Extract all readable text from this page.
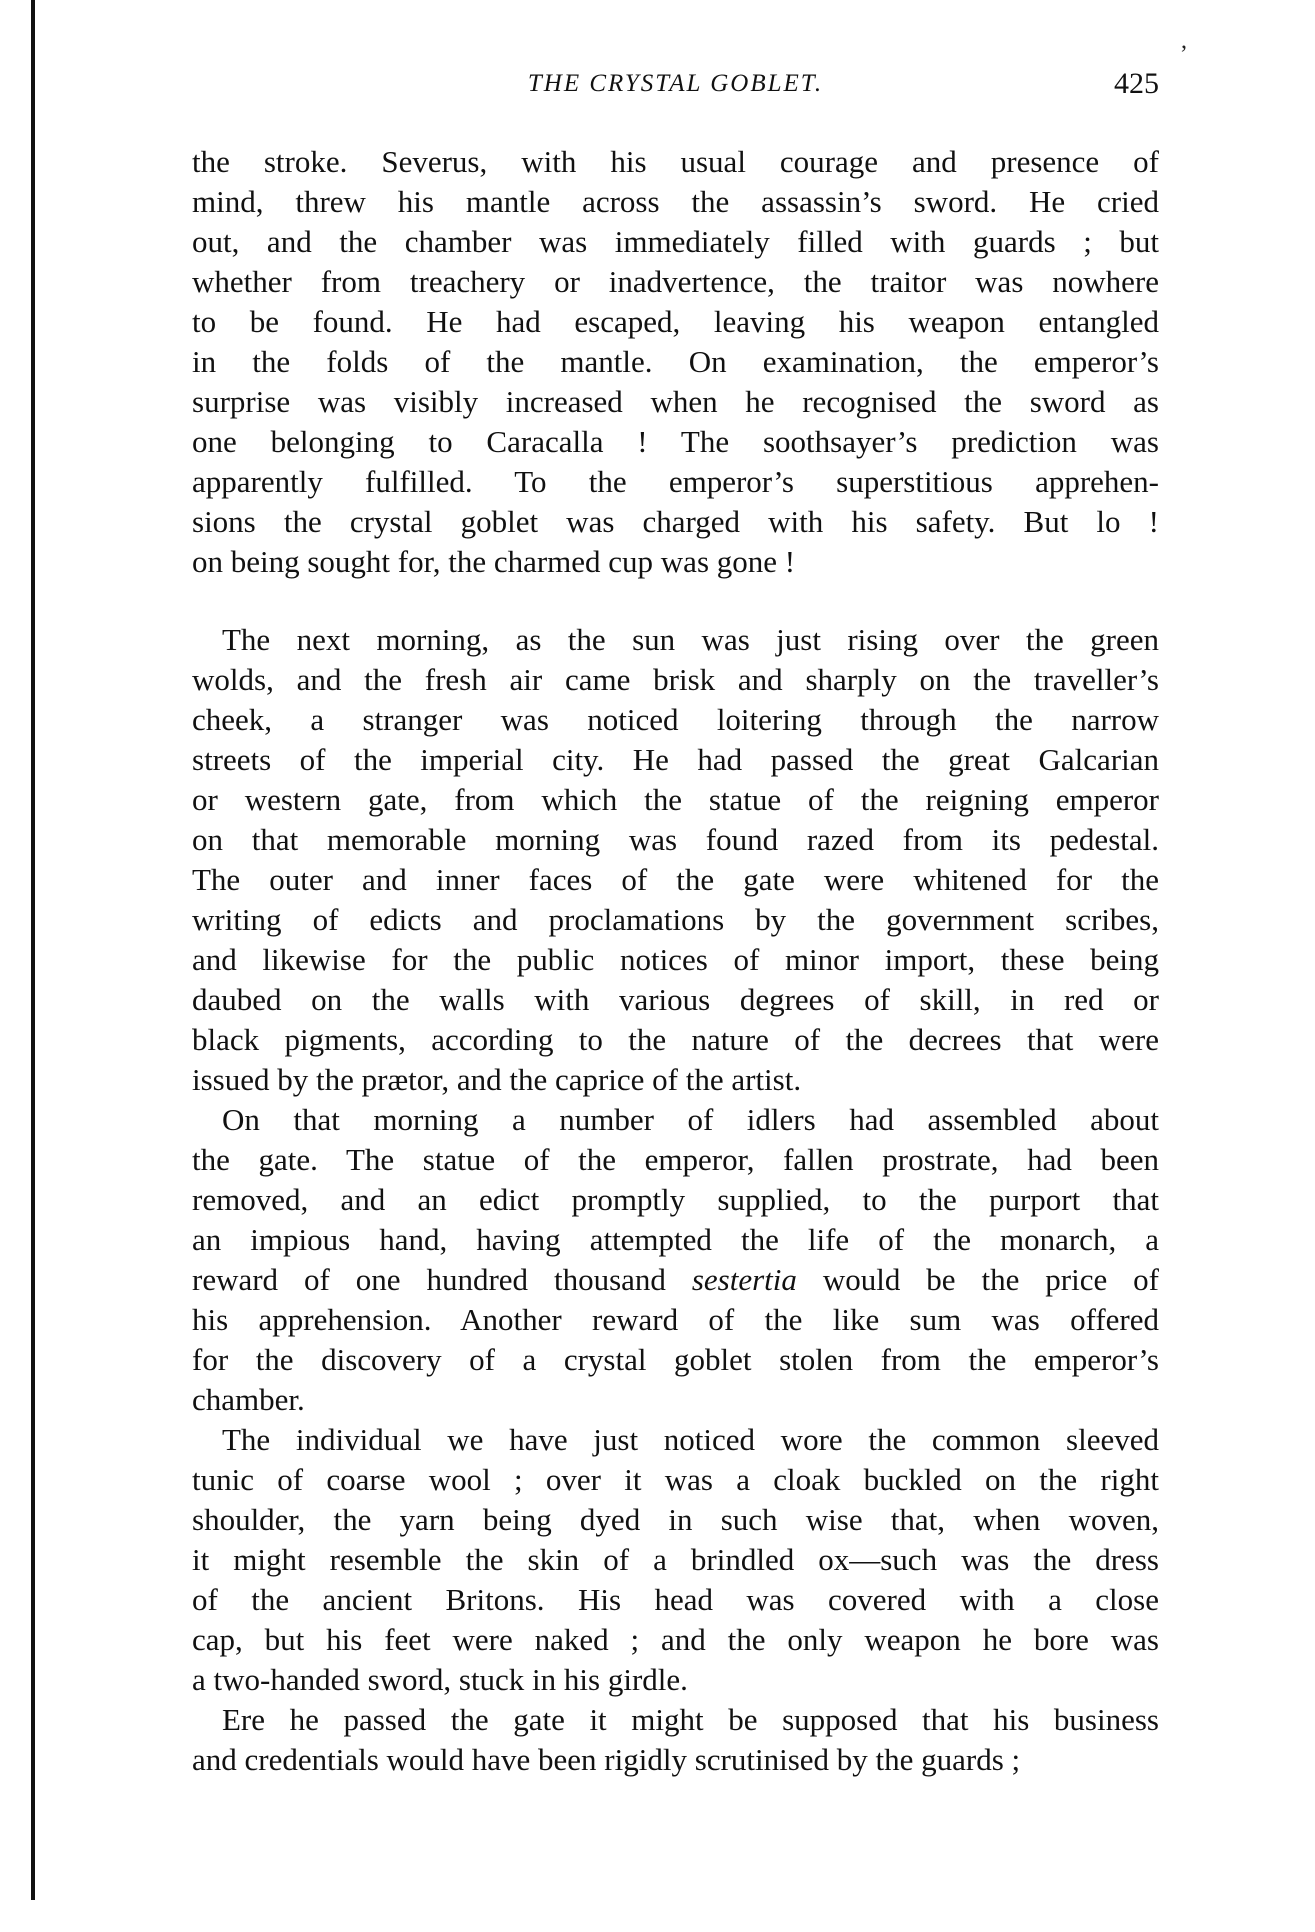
,
THE CRYSTAL GOBLET.	425
the stroke. Severus, with his usual courage and presence of
mind, threw his mantle across the assassin’s sword. He cried
out, and the chamber was immediately filled with guards ; but
whether from treachery or inadvertence, the traitor was nowhere
to be found. He had escaped, leaving his weapon entangled
in the folds of the mantle. On examination, the emperor’s
surprise was visibly increased when he recognised the sword as
one belonging to Caracalla ! The soothsayer’s prediction was
apparently fulfilled. To the emperor’s superstitious apprehen-
sions the crystal goblet was charged with his safety. But lo !
on being sought for, the charmed cup was gone !
The next morning, as the sun was just rising over the green
wolds, and the fresh air came brisk and sharply on the traveller’s
cheek, a stranger was noticed loitering through the narrow
streets of the imperial city. He had passed the great Galcarian
or western gate, from which the statue of the reigning emperor
on that memorable morning was found razed from its pedestal.
The outer and inner faces of the gate were whitened for the
writing of edicts and proclamations by the government scribes,
and likewise for the public notices of minor import, these being
daubed on the walls with various degrees of skill, in red or
black pigments, according to the nature of the decrees that were
issued by the prætor, and the caprice of the artist.
On that morning a number of idlers had assembled about
the gate. The statue of the emperor, fallen prostrate, had been
removed, and an edict promptly supplied, to the purport that
an impious hand, having attempted the life of the monarch, a
reward of one hundred thousand sestertia would be the price of
his apprehension. Another reward of the like sum was offered
for the discovery of a crystal goblet stolen from the emperor’s
chamber.
The individual we have just noticed wore the common sleeved
tunic of coarse wool ; over it was a cloak buckled on the right
shoulder, the yarn being dyed in such wise that, when woven,
it might resemble the skin of a brindled ox—such was the dress
of the ancient Britons. His head was covered with a close
cap, but his feet were naked ; and the only weapon he bore was
a two-handed sword, stuck in his girdle.
Ere he passed the gate it might be supposed that his business
and credentials would have been rigidly scrutinised by the guards ;
